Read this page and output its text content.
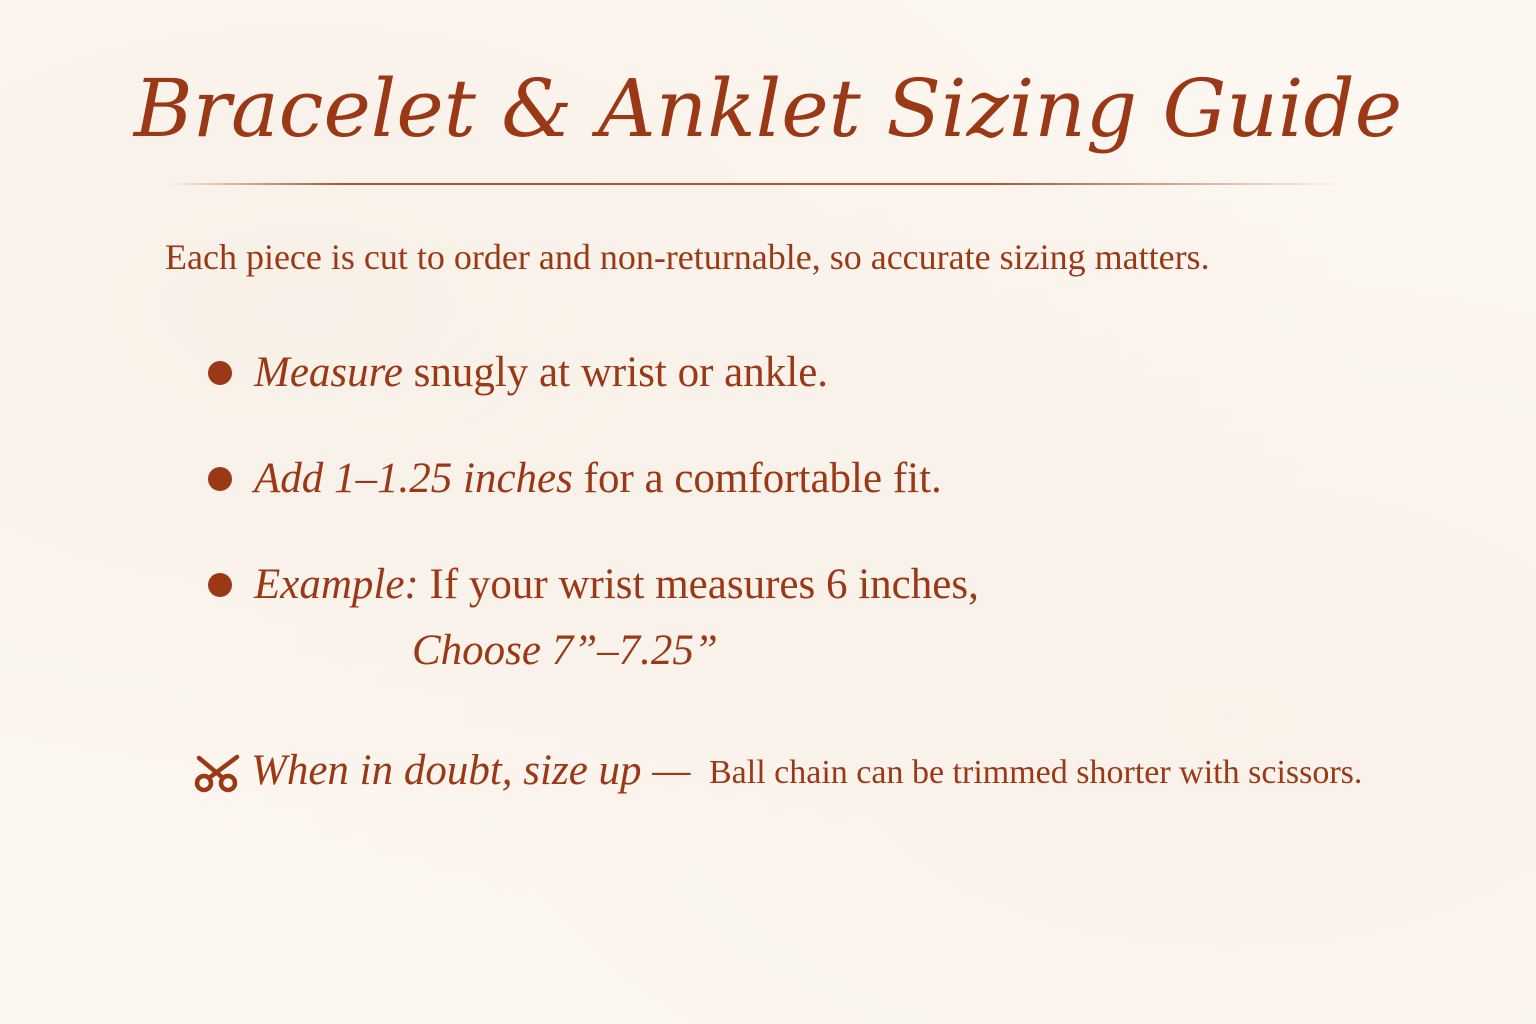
Bracelet & Anklet Sizing Guide

Each piece is cut to order and non-returnable, so accurate sizing matters.

Measure snugly at wrist or ankle.
Add 1–1.25 inches for a comfortable fit.
Example: If your wrist measures 6 inches,
Choose 7”–7.25”
When in doubt, size up — Ball chain can be trimmed shorter with scissors.
